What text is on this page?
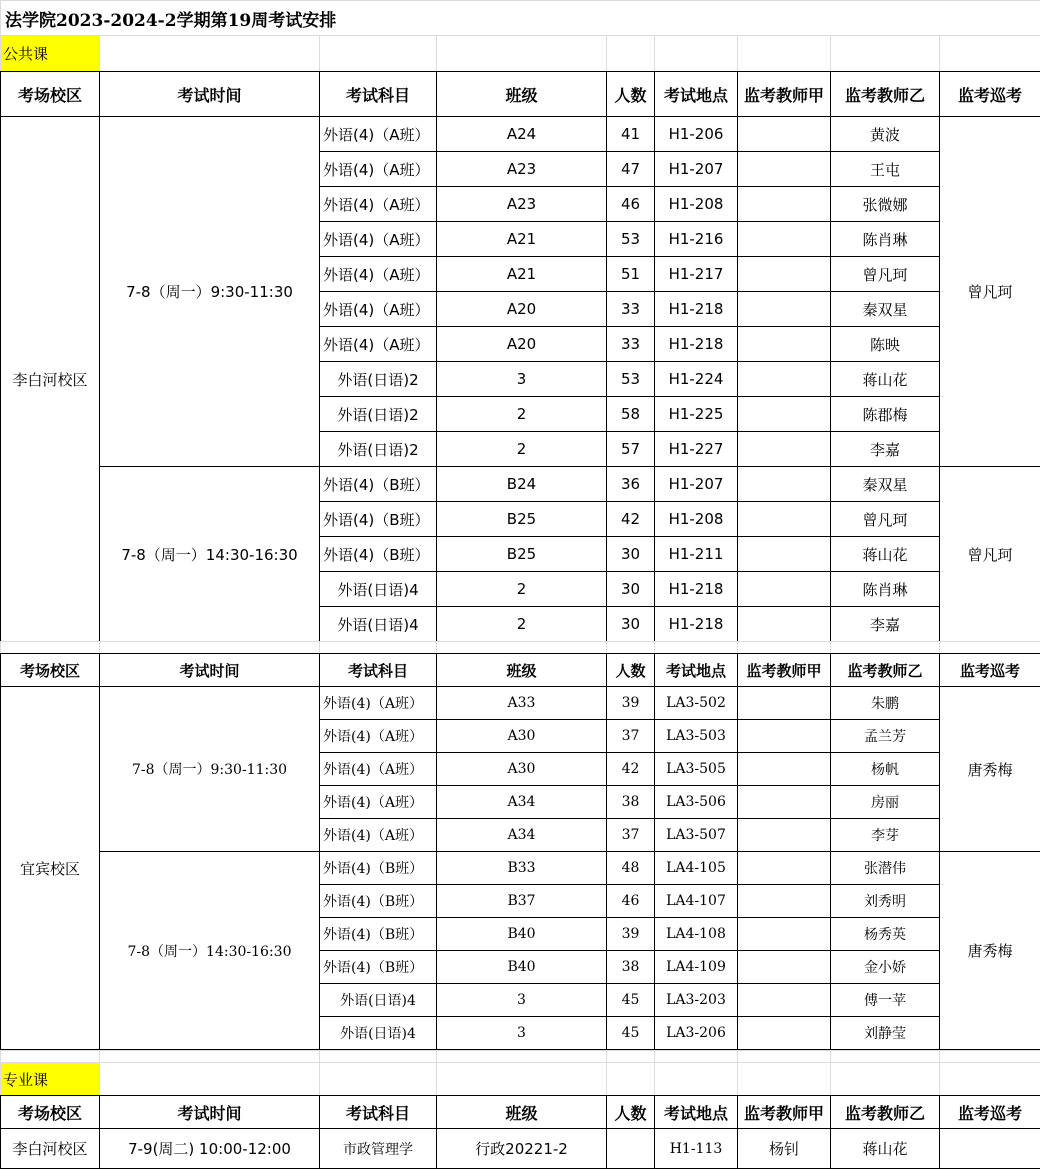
法学院2023-2024-2学期第19周考试安排
公共课								
考场校区	考试时间	考试科目	班级	人数	考试地点	监考教师甲	监考教师乙	监考巡考
李白河校区	7-8（周一）9:30-11:30	外语(4)（A班）	A24	41	H1-206		黄波	曾凡珂
		外语(4)（A班）	A23	47	H1-207		王屯	
		外语(4)（A班）	A23	46	H1-208		张微娜	
		外语(4)（A班）	A21	53	H1-216		陈肖琳	
		外语(4)（A班）	A21	51	H1-217		曾凡珂	
		外语(4)（A班）	A20	33	H1-218		秦双星	
		外语(4)（A班）	A20	33	H1-218		陈映	
		外语(日语)2	3	53	H1-224		蒋山花	
		外语(日语)2	2	58	H1-225		陈郡梅	
		外语(日语)2	2	57	H1-227		李嘉	
	7-8（周一）14:30-16:30	外语(4)（B班）	B24	36	H1-207		秦双星	曾凡珂
		外语(4)（B班）	B25	42	H1-208		曾凡珂	
		外语(4)（B班）	B25	30	H1-211		蒋山花	
		外语(日语)4	2	30	H1-218		陈肖琳	
		外语(日语)4	2	30	H1-218		李嘉	

考场校区	考试时间	考试科目	班级	人数	考试地点	监考教师甲	监考教师乙	监考巡考
宜宾校区	7-8（周一）9:30-11:30	外语(4)（A班）	A33	39	LA3-502		朱鹏	唐秀梅
		外语(4)（A班）	A30	37	LA3-503		孟兰芳	
		外语(4)（A班）	A30	42	LA3-505		杨帆	
		外语(4)（A班）	A34	38	LA3-506		房丽	
		外语(4)（A班）	A34	37	LA3-507		李芽	
	7-8（周一）14:30-16:30	外语(4)（B班）	B33	48	LA4-105		张潜伟	唐秀梅
		外语(4)（B班）	B37	46	LA4-107		刘秀明	
		外语(4)（B班）	B40	39	LA4-108		杨秀英	
		外语(4)（B班）	B40	38	LA4-109		金小娇	
		外语(日语)4	3	45	LA3-203		傅一苹	
		外语(日语)4	3	45	LA3-206		刘静莹	

专业课								
考场校区	考试时间	考试科目	班级	人数	考试地点	监考教师甲	监考教师乙	监考巡考
李白河校区	7-9(周二) 10:00-12:00	市政管理学	行政20221-2		H1-113	杨钊	蒋山花	
